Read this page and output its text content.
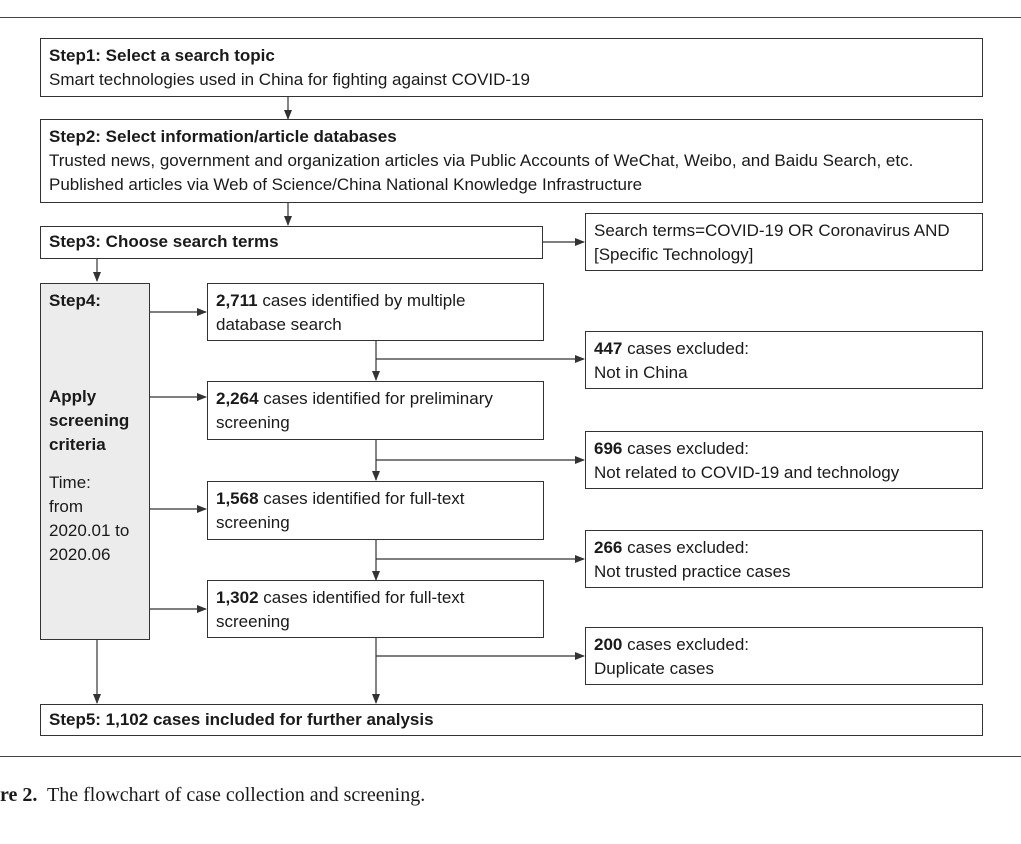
Step1: Select a search topic
Smart technologies used in China for fighting against COVID-19
Step2: Select information/article databases
Trusted news, government and organization articles via Public Accounts of WeChat, Weibo, and Baidu Search, etc.
Published articles via Web of Science/China National Knowledge Infrastructure
Step3: Choose search terms
Search terms=COVID-19 OR Coronavirus AND
[Specific Technology]
Step4:
Apply
screening
criteria
Time:
from
2020.01 to
2020.06
2,711 cases identified by multiple
database search
2,264 cases identified for preliminary
screening
1,568 cases identified for full-text
screening
1,302 cases identified for full-text
screening
447 cases excluded:
Not in China
696 cases excluded:
Not related to COVID-19 and technology
266 cases excluded:
Not trusted practice cases
200 cases excluded:
Duplicate cases
Step5: 1,102 cases included for further analysis
re 2.  The flowchart of case collection and screening.
